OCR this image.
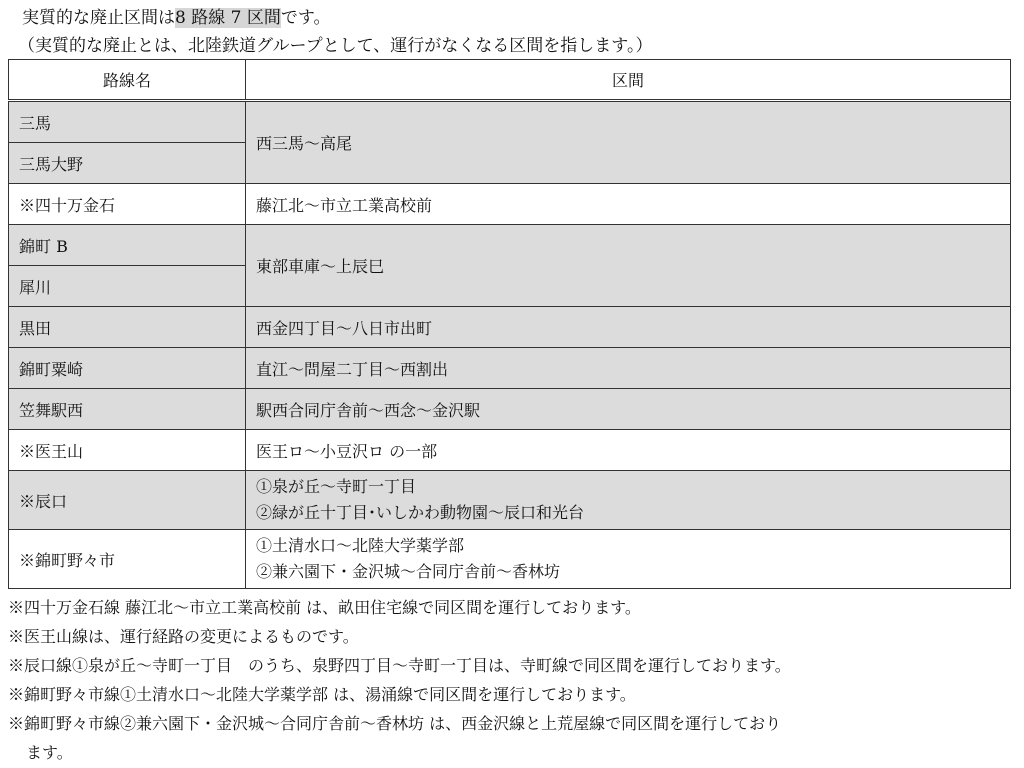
実質的な廃止区間は8 路線 7 区間です。
（実質的な廃止とは、北陸鉄道グループとして、運行がなくなる区間を指します。）
路線名	区間
三馬	西三馬～高尾
三馬大野	
※四十万金石	藤江北～市立工業高校前
錦町 B	東部車庫～上辰巳
犀川	
黒田	西金四丁目～八日市出町
錦町粟崎	直江～問屋二丁目～西割出
笠舞駅西	駅西合同庁舎前～西念～金沢駅
※医王山	医王ロ～小豆沢ロ の一部
※辰口	①泉が丘～寺町一丁目
②緑が丘十丁目･いしかわ動物園～辰口和光台

※錦町野々市	①土清水口～北陸大学薬学部
②兼六園下・金沢城～合同庁舎前～香林坊
※四十万金石線 藤江北～市立工業高校前 は、畝田住宅線で同区間を運行しております。
※医王山線は、運行経路の変更によるものです。
※辰口線①泉が丘～寺町一丁目　のうち、泉野四丁目～寺町一丁目は、寺町線で同区間を運行しております。
※錦町野々市線①土清水口～北陸大学薬学部 は、湯涌線で同区間を運行しております。
※錦町野々市線②兼六園下・金沢城～合同庁舎前～香林坊 は、西金沢線と上荒屋線で同区間を運行しており
ます。
